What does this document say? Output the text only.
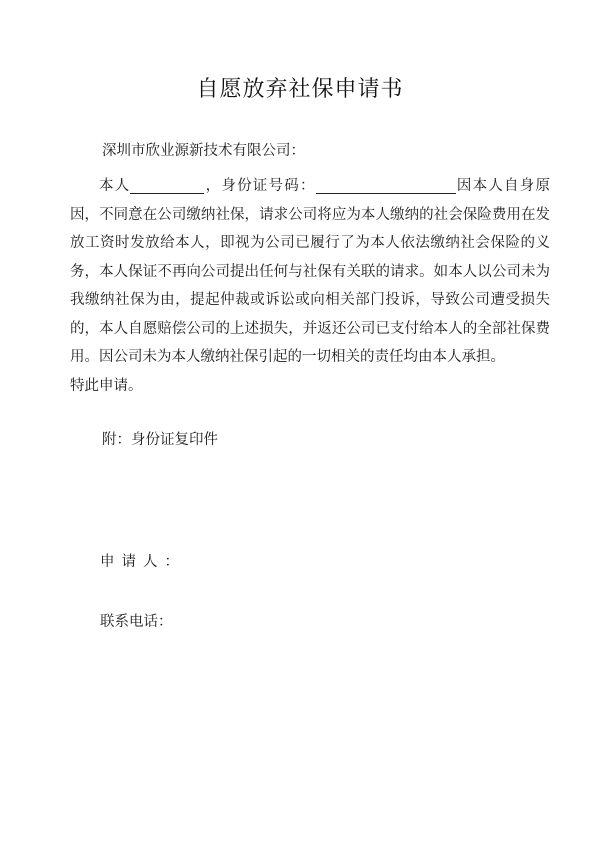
自愿放弃社保申请书
深圳市欣业源新技术有限公司：

本人	，身份证号码：	因本人自身原因，不同意在公司缴纳社保，请求公司将应为本人缴纳的社会保险费用在发放工资时发放给本人，即视为公司已履行了为本人依法缴纳社会保险的义务，本人保证不再向公司提出任何与社保有关联的请求。如本人以公司未为我缴纳社保为由，提起仲裁或诉讼或向相关部门投诉，导致公司遭受损失的，本人自愿赔偿公司的上述损失，并返还公司已支付给本人的全部社保费用。因公司未为本人缴纳社保引起的一切相关的责任均由本人承担。

特此申请。

附：身份证复印件
申请人：
联系电话：
